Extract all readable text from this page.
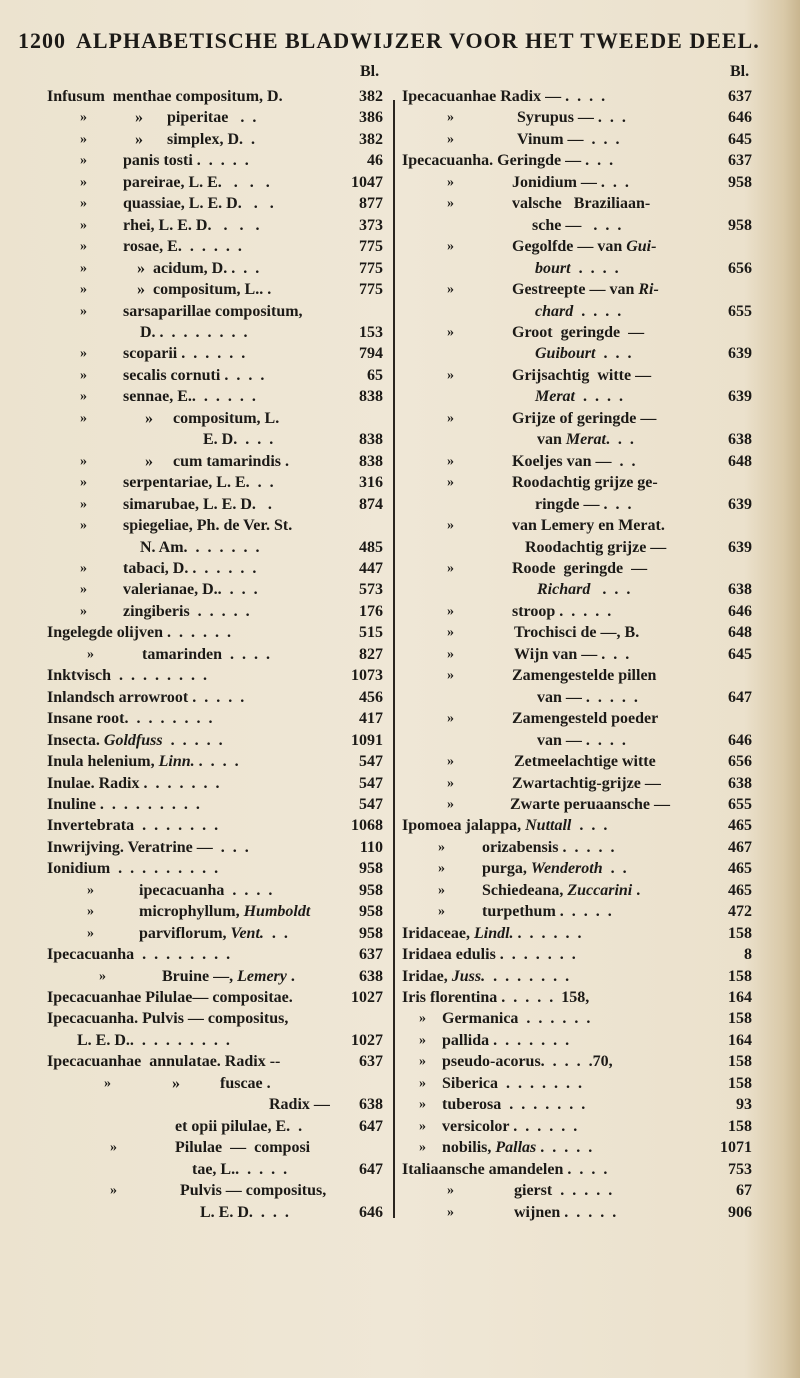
1200 ALPHABETISCHE BLADWIJZER VOOR HET TWEEDE DEEL.
Bl.	Bl.
Infusum  menthae compositum, D.	382
»	»      piperitae   .  .	386
»	»      simplex, D.  .	382
» panis tosti .  .  .  .  .	46
» pareirae, L. E.   .   .   .	1047
» quassiae, L. E. D.   .   .	877
» rhei, L. E. D.   .   .   .	373
» rosae, E.  .  .  .  .  .	775
»	»  acidum, D. .  .  .	775
»	»  compositum, L.. .	775
» sarsaparillae compositum,
D. .  .  .  .  .  .  .  .	153
» scoparii .  .  .  .  .  .	794
» secalis cornuti .  .  .  .	65
» sennae, E..  .  .  .  .  .	838
»	»     compositum, L.
E. D.  .  .  .	838
»	»     cum tamarindis .	838
» serpentariae, L. E.  .  .	316
» simarubae, L. E. D.   .	874
» spiegeliae, Ph. de Ver. St.
N. Am.  .  .  .  .  .  .	485
» tabaci, D. .  .  .  .  .  .	447
» valerianae, D..  .  .  .	573
» zingiberis  .  .  .  .  .	176
Ingelegde olijven .  .  .  .  .  .	515
»	tamarinden  .  .  .  .	827
Inktvisch  .  .  .  .  .  .  .  .	1073
Inlandsch arrowroot .  .  .  .  .	456
Insane root.  .  .  .  .  .  .  .	417
Insecta. Goldfuss  .  .  .  .  .	1091
Inula helenium, Linn. .  .  .  .	547
Inulae. Radix .  .  .  .  .  .  .	547
Inuline .  .  .  .  .  .  .  .  .	547
Invertebrata  .  .  .  .  .  .  .	1068
Inwrijving. Veratrine —  .  .  .	110
Ionidium  .  .  .  .  .  .  .  .  .	958
»	ipecacuanha  .  .  .  .	958
»	microphyllum, Humboldt	958
»	parviflorum, Vent.  .  .	958
Ipecacuanha  .  .  .  .  .  .  .  .	637
»	Bruine —, Lemery .	638
Ipecacuanhae Pilulae— compositae.	1027
Ipecacuanha. Pulvis — compositus,
L. E. D..  .  .  .  .  .  .  .  .	1027
Ipecacuanhae  annulatae. Radix --	637
»	»          fuscae .
Radix — 638
et opii pilulae, E.  .	647
»	Pilulae  —  composi
tae, L..  .  .  .  .	647
»	Pulvis — compositus,
L. E. D.  .  .  .	646
Ipecacuanhae Radix — .  .  .  .	637
»	Syrupus — .  .  .	646
»	Vinum —  .  .  .	645
Ipecacuanha. Geringde — .  .  .	637
»	Jonidium — .  .  .	958
»	valsche   Braziliaan-
sche —   .  .  .	958
»	Gegolfde — van Gui-
bourt  .  .  .  .	656
»	Gestreepte — van Ri-
chard  .  .  .  .	655
»	Groot  geringde  —
Guibourt  .  .  .	639
»	Grijsachtig  witte —
Merat  .  .  .  .	639
»	Grijze of geringde —
van Merat.  .  .	638
»	Koeljes van —  .  .	648
»	Roodachtig grijze ge-
ringde — .  .  .	639
»	van Lemery en Merat.
Roodachtig grijze —	639
»	Roode  geringde  —
Richard   .  .  .	638
»	stroop .  .  .  .  .	646
»	Trochisci de —, B.	648
»	Wijn van — .  .  .	645
»	Zamengestelde pillen
van — .  .  .  .  .	647
»	Zamengesteld poeder
van — .  .  .  .	646
»	Zetmeelachtige witte	656
»	Zwartachtig-grijze —	638
»	Zwarte peruaansche —	655
Ipomoea jalappa, Nuttall  .  .  .	465
» orizabensis .  .  .  .  .	467
» purga, Wenderoth  .  .	465
» Schiedeana, Zuccarini .	465
» turpethum .  .  .  .  .	472
Iridaceae, Lindl. .  .  .  .  .  .	158
Iridaea edulis .  .  .  .  .  .  .	8
Iridae, Juss.  .  .  .  .  .  .  .	158
Iris florentina .  .  .  .  .  158,	164
» Germanica  .  .  .  .  .  .	158
» pallida .  .  .  .  .  .  .	164
» pseudo-acorus.  .  .  .  .70,	158
» Siberica  .  .  .  .  .  .  .	158
» tuberosa  .  .  .  .  .  .  .	93
» versicolor .  .  .  .  .  .	158
» nobilis, Pallas .  .  .  .  .	1071
Italiaansche amandelen .  .  .  .	753
»	gierst  .  .  .  .  .	67
»	wijnen .  .  .  .  .	906
